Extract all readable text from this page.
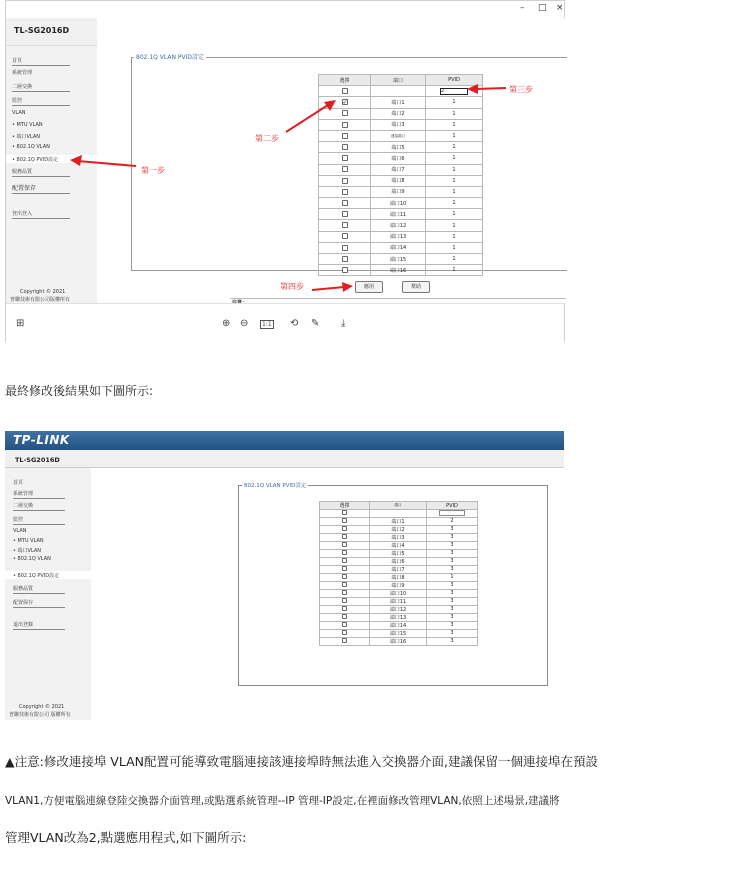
– □ ×
TL-SG2016D
首頁
系統管理
二層交換
監控
VLAN
• MTU VLAN
• 端口VLAN
• 802.1Q VLAN
• 802.1Q PVID設定
服務品質
配置保存
登出登入
Copyright © 2021
普聯技術有限公司版權所有
802.1Q VLAN PVID設定
選擇	端口	PVID
		2
✓	端口1	1
	端口2	1
	端口3	1
	連接端口	1
	端口5	1
	端口6	1
	端口7	1
	端口8	1
	端口9	1
	端口10	1
	端口11	1
	端口12	1
	端口13	1
	端口14	1
	端口15	1
	端口16	1
應用	幫助
第一步
第二步
第三步
第四步
⊞	⊕ ⊖	1:1 ⟲ ✎ ⤓
最終修改後結果如下圖所示:
TP-LINK
TL-SG2016D
首頁
系統管理
二層交換
監控
VLAN
• MTU VLAN
• 端口VLAN
• 802.1Q VLAN
• 802.1Q PVID設定
服務品質
配置保存
退出登錄
Copyright © 2021
普聯技術有限公司 版權所有
802.1Q VLAN PVID設定
選擇	端口	PVID

	端口1	2
	端口2	3
	端口3	3
	端口4	3
	端口5	3
	端口6	3
	端口7	3
	端口8	1
	端口9	3
	端口10	3
	端口11	3
	端口12	3
	端口13	3
	端口14	3
	端口15	3
	端口16	3
▲注意:修改連接埠 VLAN配置可能導致電腦連接該連接埠時無法進入交換器介面,建議保留一個連接埠在預設
VLAN1,方便電腦連線登陸交換器介面管理,或點選系統管理--IP 管理-IP設定,在裡面修改管理VLAN,依照上述場景,建議將
管理VLAN改為2,點選應用程式,如下圖所示:
